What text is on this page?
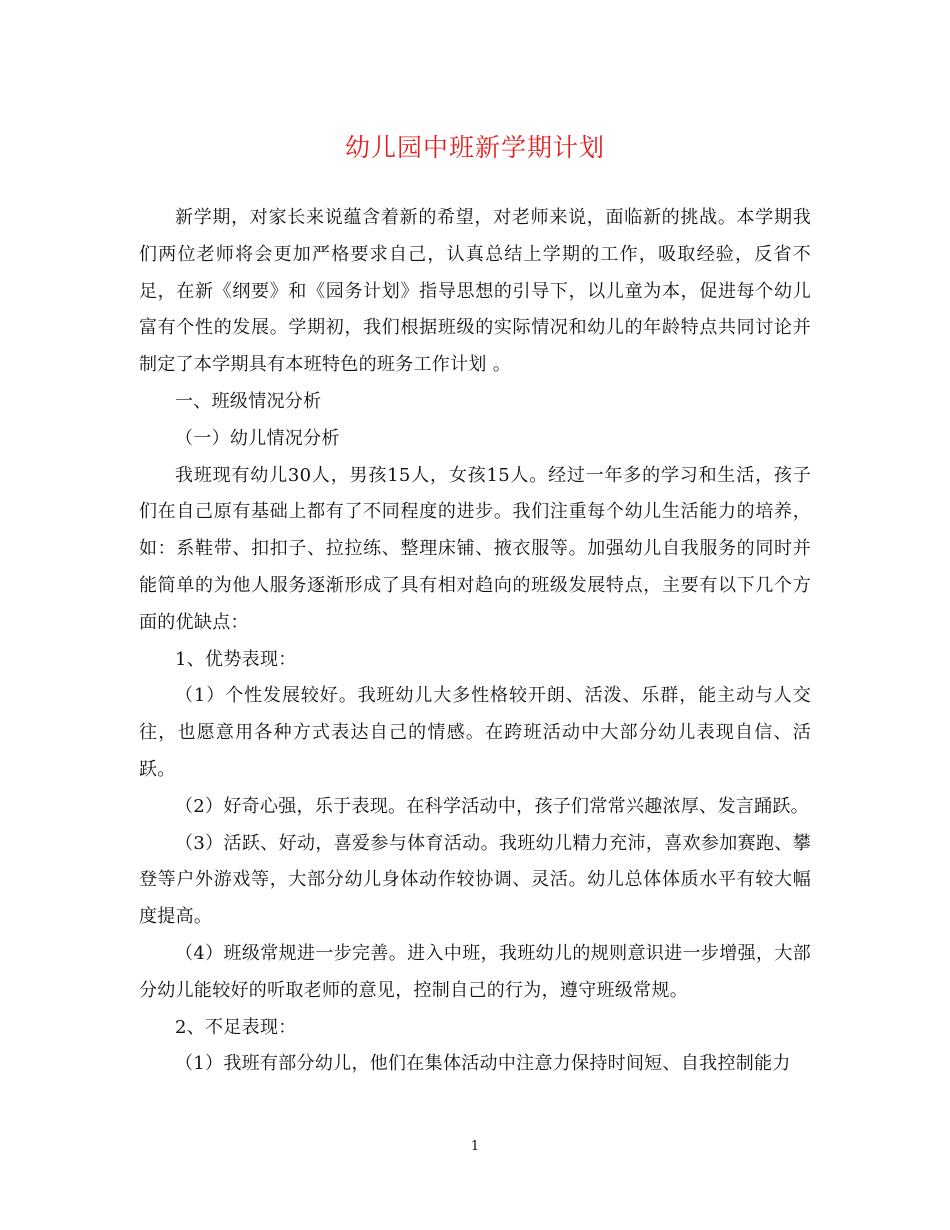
幼儿园中班新学期计划

新学期，对家长来说蕴含着新的希望，对老师来说，面临新的挑战。本学期我们两位老师将会更加严格要求自己，认真总结上学期的工作，吸取经验，反省不足，在新《纲要》和《园务计划》指导思想的引导下，以儿童为本，促进每个幼儿富有个性的发展。学期初，我们根据班级的实际情况和幼儿的年龄特点共同讨论并制定了本学期具有本班特色的班务工作计划 。

一、班级情况分析

（一）幼儿情况分析

我班现有幼儿30人，男孩15人，女孩15人。经过一年多的学习和生活，孩子们在自己原有基础上都有了不同程度的进步。我们注重每个幼儿生活能力的培养，如：系鞋带、扣扣子、拉拉练、整理床铺、掖衣服等。加强幼儿自我服务的同时并能简单的为他人服务逐渐形成了具有相对趋向的班级发展特点，主要有以下几个方面的优缺点：

1、优势表现：

（1）个性发展较好。我班幼儿大多性格较开朗、活泼、乐群，能主动与人交往，也愿意用各种方式表达自己的情感。在跨班活动中大部分幼儿表现自信、活跃。

（2）好奇心强，乐于表现。在科学活动中，孩子们常常兴趣浓厚、发言踊跃。

（3）活跃、好动，喜爱参与体育活动。我班幼儿精力充沛，喜欢参加赛跑、攀登等户外游戏等，大部分幼儿身体动作较协调、灵活。幼儿总体体质水平有较大幅度提高。

（4）班级常规进一步完善。进入中班，我班幼儿的规则意识进一步增强，大部分幼儿能较好的听取老师的意见，控制自己的行为，遵守班级常规。

2、不足表现：

（1）我班有部分幼儿，他们在集体活动中注意力保持时间短、自我控制能力

1
